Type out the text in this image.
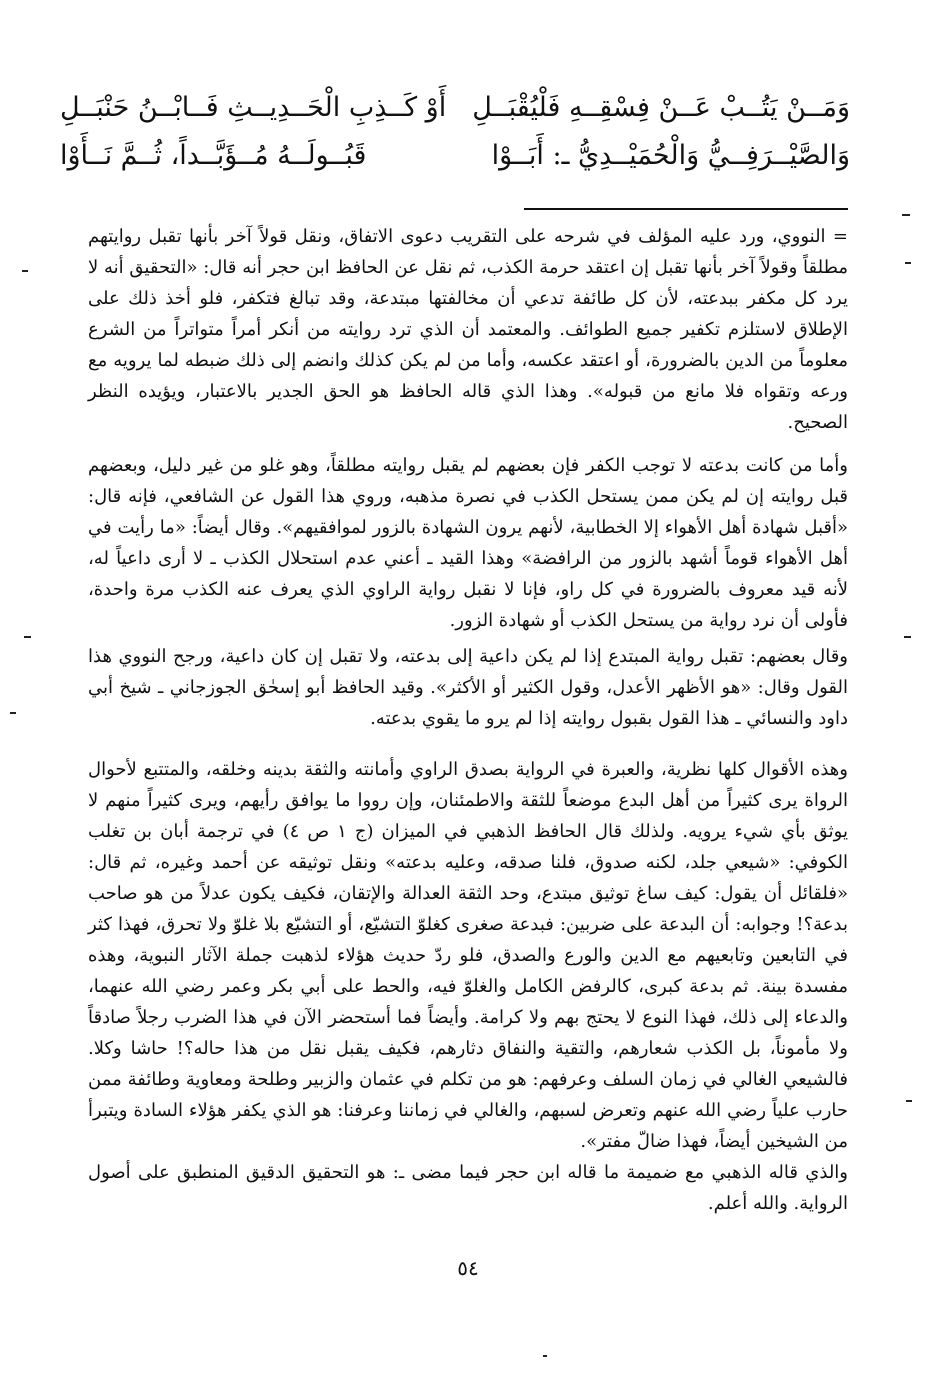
وَمَــنْ يَتُــبْ عَــنْ فِسْقِــهِ فَلْيُقْبَــلِ
أَوْ كَــذِبِ الْحَــدِيــثِ فَــابْــنُ حَنْبَــلِ
وَالصَّيْــرَفِــيُّ وَالْحُمَيْــدِيُّ ـ: أَبَــوْا
قَبُــولَــهُ مُــؤَبَّــداً، ثُــمَّ نَــأَوْا

= النووي، ورد عليه المؤلف في شرحه على التقريب دعوى الاتفاق، ونقل قولاً آخر بأنها تقبل روايتهم مطلقاً وقولاً آخر بأنها تقبل إن اعتقد حرمة الكذب، ثم نقل عن الحافظ ابن حجر أنه قال: «التحقيق أنه لا يرد كل مكفر ببدعته، لأن كل طائفة تدعي أن مخالفتها مبتدعة، وقد تبالغ فتكفر، فلو أخذ ذلك على الإطلاق لاستلزم تكفير جميع الطوائف. والمعتمد أن الذي ترد روايته من أنكر أمراً متواتراً من الشرع معلوماً من الدين بالضرورة، أو اعتقد عكسه، وأما من لم يكن كذلك وانضم إلى ذلك ضبطه لما يرويه مع ورعه وتقواه فلا مانع من قبوله». وهذا الذي قاله الحافظ هو الحق الجدير بالاعتبار، ويؤيده النظر الصحيح.

وأما من كانت بدعته لا توجب الكفر فإن بعضهم لم يقبل روايته مطلقاً، وهو غلو من غير دليل، وبعضهم قبل روايته إن لم يكن ممن يستحل الكذب في نصرة مذهبه، وروي هذا القول عن الشافعي، فإنه قال: «أقبل شهادة أهل الأهواء إلا الخطابية، لأنهم يرون الشهادة بالزور لموافقيهم». وقال أيضاً: «ما رأيت في أهل الأهواء قوماً أشهد بالزور من الرافضة» وهذا القيد ـ أعني عدم استحلال الكذب ـ لا أرى داعياً له، لأنه قيد معروف بالضرورة في كل راو، فإنا لا نقبل رواية الراوي الذي يعرف عنه الكذب مرة واحدة، فأولى أن نرد رواية من يستحل الكذب أو شهادة الزور.

وقال بعضهم: تقبل رواية المبتدع إذا لم يكن داعية إلى بدعته، ولا تقبل إن كان داعية، ورجح النووي هذا القول وقال: «هو الأظهر الأعدل، وقول الكثير أو الأكثر». وقيد الحافظ أبو إسحٰق الجوزجاني ـ شيخ أبي داود والنسائي ـ هذا القول بقبول روايته إذا لم يرو ما يقوي بدعته.

وهذه الأقوال كلها نظرية، والعبرة في الرواية بصدق الراوي وأمانته والثقة بدينه وخلقه، والمتتبع لأحوال الرواة يرى كثيراً من أهل البدع موضعاً للثقة والاطمئنان، وإن رووا ما يوافق رأيهم، ويرى كثيراً منهم لا يوثق بأي شيء يرويه. ولذلك قال الحافظ الذهبي في الميزان (ج ١ ص ٤) في ترجمة أبان بن تغلب الكوفي: «شيعي جلد، لكنه صدوق، فلنا صدقه، وعليه بدعته» ونقل توثيقه عن أحمد وغيره، ثم قال: «فلقائل أن يقول: كيف ساغ توثيق مبتدع، وحد الثقة العدالة والإتقان، فكيف يكون عدلاً من هو صاحب بدعة؟! وجوابه: أن البدعة على ضربين: فبدعة صغرى كغلوّ التشيّع، أو التشيّع بلا غلوّ ولا تحرق، فهذا كثر في التابعين وتابعيهم مع الدين والورع والصدق، فلو ردّ حديث هؤلاء لذهبت جملة الآثار النبوية، وهذه مفسدة بينة. ثم بدعة كبرى، كالرفض الكامل والغلوّ فيه، والحط على أبي بكر وعمر رضي الله عنهما، والدعاء إلى ذلك، فهذا النوع لا يحتج بهم ولا كرامة. وأيضاً فما أستحضر الآن في هذا الضرب رجلاً صادقاً ولا مأموناً، بل الكذب شعارهم، والتقية والنفاق دثارهم، فكيف يقبل نقل من هذا حاله؟! حاشا وكلا. فالشيعي الغالي في زمان السلف وعرفهم: هو من تكلم في عثمان والزبير وطلحة ومعاوية وطائفة ممن حارب علياً رضي الله عنهم وتعرض لسبهم، والغالي في زماننا وعرفنا: هو الذي يكفر هؤلاء السادة ويتبرأ من الشيخين أيضاً، فهذا ضالّ مفتر».

والذي قاله الذهبي مع ضميمة ما قاله ابن حجر فيما مضى ـ: هو التحقيق الدقيق المنطبق على أصول الرواية. والله أعلم.

٥٤
